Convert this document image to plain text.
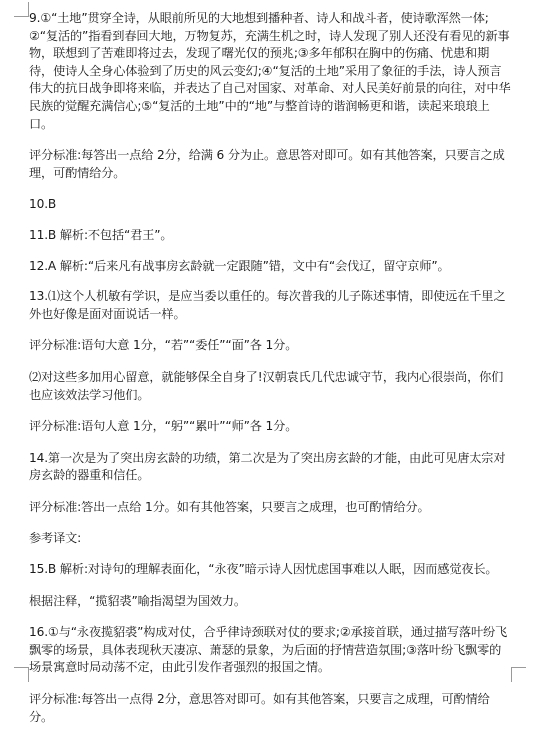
9.①“土地”贯穿全诗，从眼前所见的大地想到播种者、诗人和战斗者，使诗歌浑然一体;②“复活的”指看到春回大地，万物复苏，充满生机之时，诗人发现了别人还没有看见的新事物，联想到了苦难即将过去，发现了曙光仅的预兆;③多年郁积在胸中的伤痛、忧患和期待，使诗人全身心体验到了历史的风云变幻;④“复活的土地”采用了象征的手法，诗人预言伟大的抗日战争即将来临，并表达了自己对国家、对革命、对人民美好前景的向往，对中华民族的觉醒充满信心;⑤“复活的土地”中的“地”与整首诗的谐润畅更和谐，读起来琅琅上口。

评分标准:每答出一点给 2分，给满 6 分为止。意思答对即可。如有其他答案，只要言之成理，可酌情给分。

10.B

11.B 解析:不包括“君王”。

12.A 解析:“后来凡有战事房玄龄就一定跟随”错，文中有“会伐辽，留守京师”。

13.⑴这个人机敏有学识，是应当委以重任的。每次普我的儿子陈述事情，即使远在千里之外也好像是面对面说话一样。

评分标准:语句大意 1分，“若”“委任”“面”各 1分。

⑵对这些多加用心留意，就能够保全自身了!汉朝袁氏几代忠诚守节，我内心很崇尚，你们也应该效法学习他们。

评分标准:语句人意 1分，“躬”“累叶”“师”各 1分。

14.第一次是为了突出房玄龄的功绩，第二次是为了突出房玄龄的才能，由此可见唐太宗对房玄龄的器重和信任。

评分标准:答出一点给 1分。如有其他答案，只要言之成理，也可酌情给分。

参考译文:

15.B 解析:对诗句的理解表面化，“永夜”暗示诗人因忧虑国事难以人眠，因而感觉夜长。

根据注释，“揽貂裘”喻指渴望为国效力。

16.①与“永夜揽貂裘”构成对仗，合乎律诗颈联对仗的要求;②承接首联，通过描写落叶纷飞飘零的场景，具体表现秋天凄凉、萧瑟的景象，为后面的抒情营造氛围;③落叶纷飞飘零的场景寓意时局动荡不定，由此引发作者强烈的报国之情。

评分标准:每答出一点得 2分，意思答对即可。如有其他答案，只要言之成理，可酌情给分。
